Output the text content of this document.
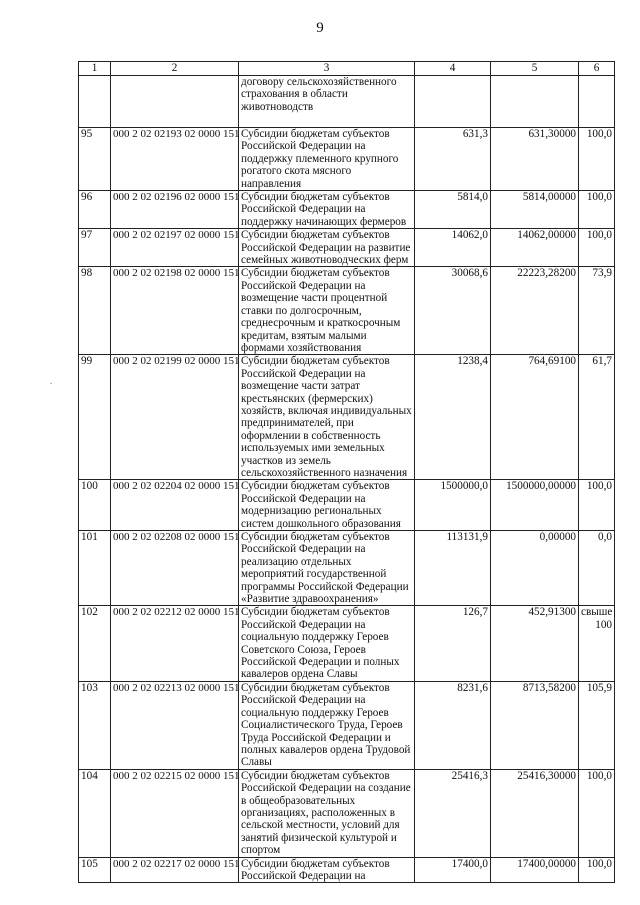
9
1	2	3	4	5	6
		договору сельскохозяйственного страхования в области животноводств			
95	000 2 02 02193 02 0000 151	Субсидии бюджетам субъектов Российской Федерации на поддержку племенного крупного рогатого скота мясного направления	631,3	631,30000	100,0
96	000 2 02 02196 02 0000 151	Субсидии бюджетам субъектов Российской Федерации на поддержку начинающих фермеров	5814,0	5814,00000	100,0
97	000 2 02 02197 02 0000 151	Субсидии бюджетам субъектов Российской Федерации на развитие семейных животноводческих ферм	14062,0	14062,00000	100,0
98	000 2 02 02198 02 0000 151	Субсидии бюджетам субъектов Российской Федерации на возмещение части процентной ставки по долгосрочным, среднесрочным и краткосрочным кредитам, взятым малыми формами хозяйствования	30068,6	22223,28200	73,9
99	000 2 02 02199 02 0000 151	Субсидии бюджетам субъектов Российской Федерации на возмещение части затрат крестьянских (фермерских) хозяйств, включая индивидуальных предпринимателей, при оформлении в собственность используемых ими земельных участков из земель сельскохозяйственного назначения	1238,4	764,69100	61,7
100	000 2 02 02204 02 0000 151	Субсидии бюджетам субъектов Российской Федерации на модернизацию региональных систем дошкольного образования	1500000,0	1500000,00000	100,0
101	000 2 02 02208 02 0000 151	Субсидии бюджетам субъектов Российской Федерации на реализацию отдельных мероприятий государственной программы Российской Федерации «Развитие здравоохранения»	113131,9	0,00000	0,0
102	000 2 02 02212 02 0000 151	Субсидии бюджетам субъектов Российской Федерации на социальную поддержку Героев Советского Союза, Героев Российской Федерации и полных кавалеров ордена Славы	126,7	452,91300	свыше 100
103	000 2 02 02213 02 0000 151	Субсидии бюджетам субъектов Российской Федерации на социальную поддержку Героев Социалистического Труда, Героев Труда Российской Федерации и полных кавалеров ордена Трудовой Славы	8231,6	8713,58200	105,9
104	000 2 02 02215 02 0000 151	Субсидии бюджетам субъектов Российской Федерации на создание в общеобразовательных организациях, расположенных в сельской местности, условий для занятий физической культурой и спортом	25416,3	25416,30000	100,0
105	000 2 02 02217 02 0000 151	Субсидии бюджетам субъектов Российской Федерации на	17400,0	17400,00000	100,0
.
